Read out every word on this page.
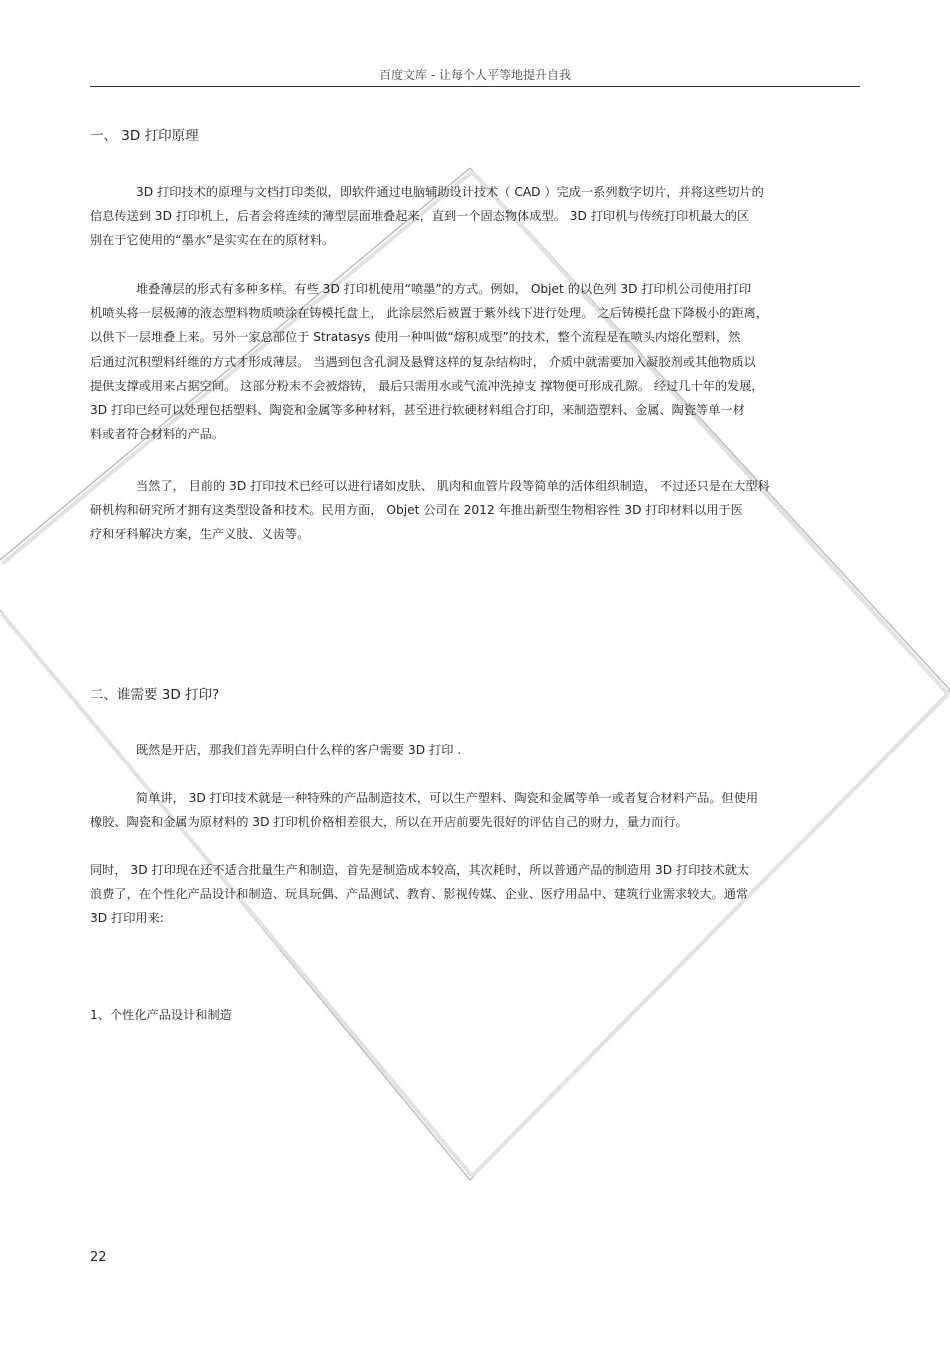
百度文库 - 让每个人平等地提升自我
一、 3D 打印原理
3D 打印技术的原理与文档打印类似，即软件通过电脑辅助设计技术（ CAD ）完成一系列数字切片，并将这些切片的
信息传送到 3D 打印机上，后者会将连续的薄型层面堆叠起来，直到一个固态物体成型。 3D 打印机与传统打印机最大的区
别在于它使用的“墨水”是实实在在的原材料。
堆叠薄层的形式有多种多样。有些 3D 打印机使用“喷墨”的方式。例如， Objet 的以色列 3D 打印机公司使用打印
机喷头将一层极薄的液态塑料物质喷涂在铸模托盘上， 此涂层然后被置于紫外线下进行处理。 之后铸模托盘下降极小的距离，
以供下一层堆叠上来。另外一家总部位于 Stratasys 使用一种叫做“熔积成型”的技术，整个流程是在喷头内熔化塑料，然
后通过沉积塑料纤维的方式才形成薄层。 当遇到包含孔洞及悬臂这样的复杂结构时， 介质中就需要加入凝胶剂或其他物质以
提供支撑或用来占据空间。 这部分粉末不会被熔铸， 最后只需用水或气流冲洗掉支 撑物便可形成孔隙。 经过几十年的发展，
3D 打印已经可以处理包括塑料、陶瓷和金属等多种材料，甚至进行软硬材料组合打印，来制造塑料、金属、陶瓷等单一材
料或者符合材料的产品。
当然了， 目前的 3D 打印技术已经可以进行诸如皮肤、 肌肉和血管片段等简单的活体组织制造， 不过还只是在大型科
研机构和研究所才拥有这类型设备和技术。民用方面， Objet 公司在 2012 年推出新型生物相容性 3D 打印材料以用于医
疗和牙科解决方案，生产义肢、义齿等。
二、谁需要 3D 打印?
既然是开店，那我们首先弄明白什么样的客户需要 3D 打印 .
简单讲， 3D 打印技术就是一种特殊的产品制造技术，可以生产塑料、陶瓷和金属等单一或者复合材料产品。但使用
橡胶、陶瓷和金属为原材料的 3D 打印机价格相差很大，所以在开店前要先很好的评估自己的财力，量力而行。
同时， 3D 打印现在还不适合批量生产和制造，首先是制造成本较高，其次耗时，所以普通产品的制造用 3D 打印技术就太
浪费了，在个性化产品设计和制造、玩具玩偶、产品测试、教育、影视传媒、企业、医疗用品中、建筑行业需求较大。通常
3D 打印用来:
1、个性化产品设计和制造
22
